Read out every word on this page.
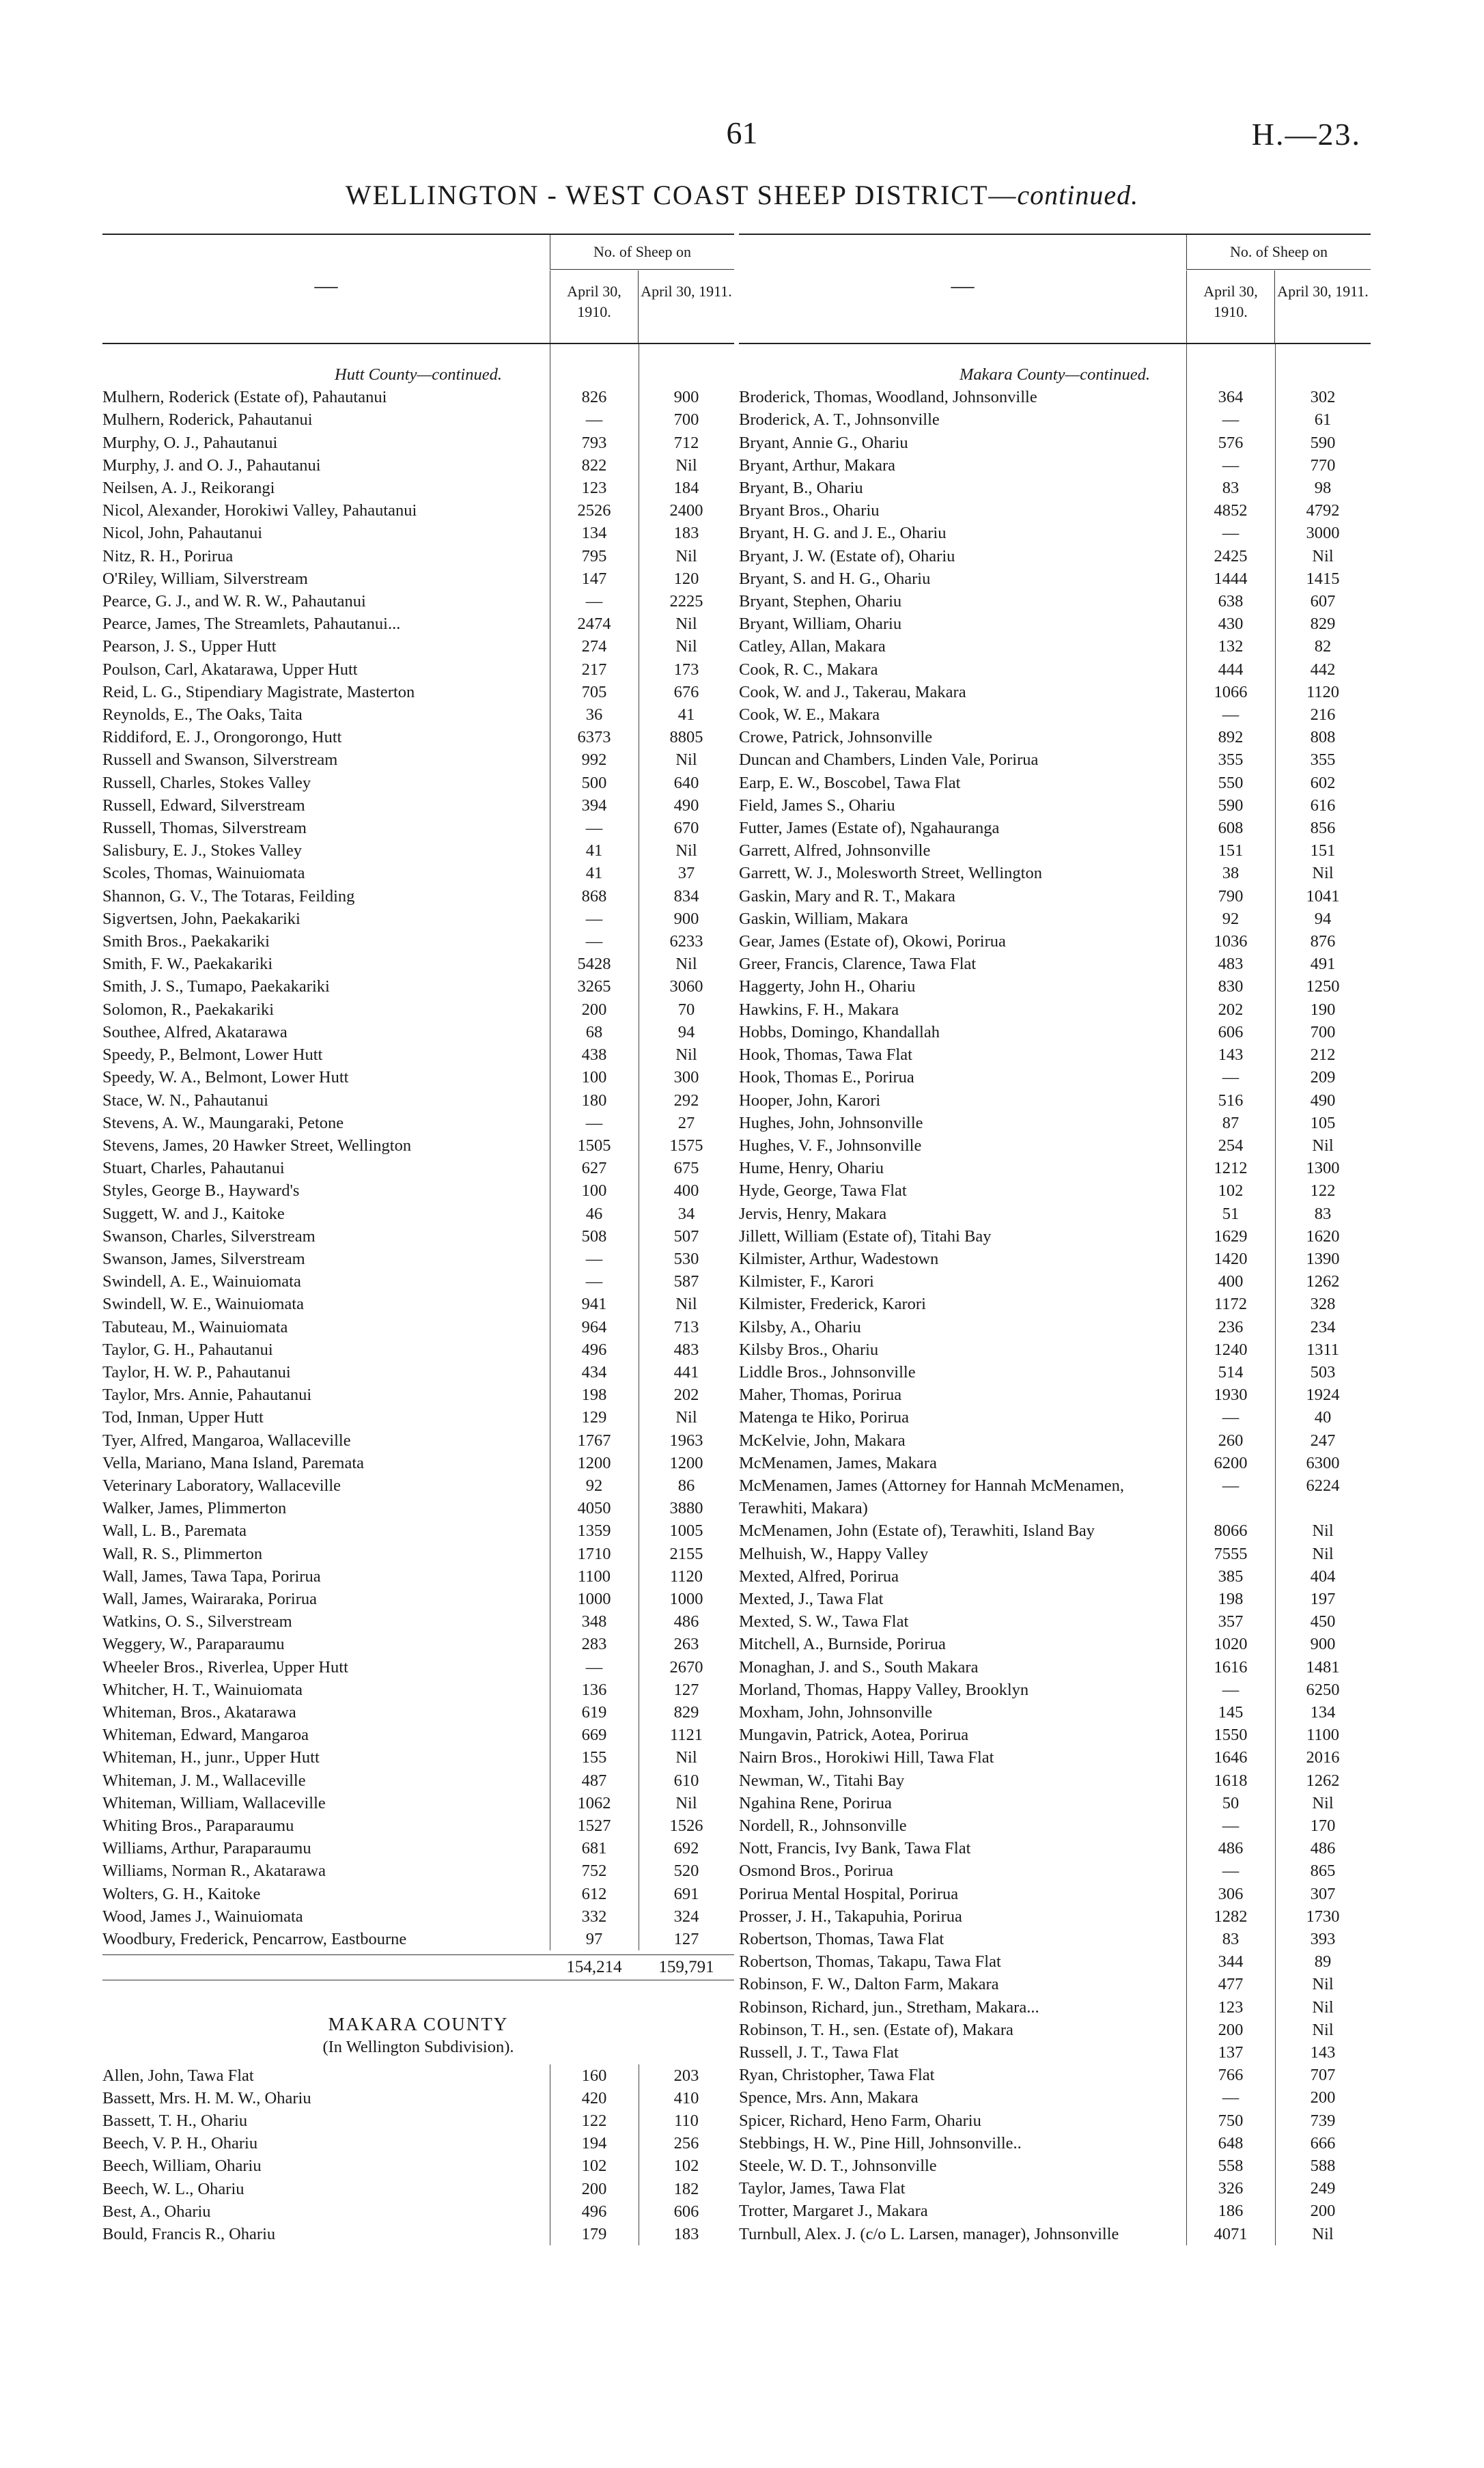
61	H.—23.
WELLINGTON - WEST COAST SHEEP DISTRICT—continued.
—
No. of Sheep on
April 30, 1910.
April 30, 1911.
Hutt County—continued.
Mulhern, Roderick (Estate of), Pahautanui	826	900
Mulhern, Roderick, Pahautanui	—	700
Murphy, O. J., Pahautanui	793	712
Murphy, J. and O. J., Pahautanui	822	Nil
Neilsen, A. J., Reikorangi	123	184
Nicol, Alexander, Horokiwi Valley, Pahautanui	2526	2400
Nicol, John, Pahautanui	134	183
Nitz, R. H., Porirua	795	Nil
O'Riley, William, Silverstream	147	120
Pearce, G. J., and W. R. W., Pahautanui	—	2225
Pearce, James, The Streamlets, Pahautanui...	2474	Nil
Pearson, J. S., Upper Hutt	274	Nil
Poulson, Carl, Akatarawa, Upper Hutt	217	173
Reid, L. G., Stipendiary Magistrate, Masterton	705	676
Reynolds, E., The Oaks, Taita	36	41
Riddiford, E. J., Orongorongo, Hutt	6373	8805
Russell and Swanson, Silverstream	992	Nil
Russell, Charles, Stokes Valley	500	640
Russell, Edward, Silverstream	394	490
Russell, Thomas, Silverstream	—	670
Salisbury, E. J., Stokes Valley	41	Nil
Scoles, Thomas, Wainuiomata	41	37
Shannon, G. V., The Totaras, Feilding	868	834
Sigvertsen, John, Paekakariki	—	900
Smith Bros., Paekakariki	—	6233
Smith, F. W., Paekakariki	5428	Nil
Smith, J. S., Tumapo, Paekakariki	3265	3060
Solomon, R., Paekakariki	200	70
Southee, Alfred, Akatarawa	68	94
Speedy, P., Belmont, Lower Hutt	438	Nil
Speedy, W. A., Belmont, Lower Hutt	100	300
Stace, W. N., Pahautanui	180	292
Stevens, A. W., Maungaraki, Petone	—	27
Stevens, James, 20 Hawker Street, Wellington	1505	1575
Stuart, Charles, Pahautanui	627	675
Styles, George B., Hayward's	100	400
Suggett, W. and J., Kaitoke	46	34
Swanson, Charles, Silverstream	508	507
Swanson, James, Silverstream	—	530
Swindell, A. E., Wainuiomata	—	587
Swindell, W. E., Wainuiomata	941	Nil
Tabuteau, M., Wainuiomata	964	713
Taylor, G. H., Pahautanui	496	483
Taylor, H. W. P., Pahautanui	434	441
Taylor, Mrs. Annie, Pahautanui	198	202
Tod, Inman, Upper Hutt	129	Nil
Tyer, Alfred, Mangaroa, Wallaceville	1767	1963
Vella, Mariano, Mana Island, Paremata	1200	1200
Veterinary Laboratory, Wallaceville	92	86
Walker, James, Plimmerton	4050	3880
Wall, L. B., Paremata	1359	1005
Wall, R. S., Plimmerton	1710	2155
Wall, James, Tawa Tapa, Porirua	1100	1120
Wall, James, Wairaraka, Porirua	1000	1000
Watkins, O. S., Silverstream	348	486
Weggery, W., Paraparaumu	283	263
Wheeler Bros., Riverlea, Upper Hutt	—	2670
Whitcher, H. T., Wainuiomata	136	127
Whiteman, Bros., Akatarawa	619	829
Whiteman, Edward, Mangaroa	669	1121
Whiteman, H., junr., Upper Hutt	155	Nil
Whiteman, J. M., Wallaceville	487	610
Whiteman, William, Wallaceville	1062	Nil
Whiting Bros., Paraparaumu	1527	1526
Williams, Arthur, Paraparaumu	681	692
Williams, Norman R., Akatarawa	752	520
Wolters, G. H., Kaitoke	612	691
Wood, James J., Wainuiomata	332	324
Woodbury, Frederick, Pencarrow, Eastbourne	97	127
154,214	159,791
MAKARA COUNTY
(In Wellington Subdivision).
Allen, John, Tawa Flat	160	203
Bassett, Mrs. H. M. W., Ohariu	420	410
Bassett, T. H., Ohariu	122	110
Beech, V. P. H., Ohariu	194	256
Beech, William, Ohariu	102	102
Beech, W. L., Ohariu	200	182
Best, A., Ohariu	496	606
Bould, Francis R., Ohariu	179	183
—
No. of Sheep on
April 30, 1910.
April 30, 1911.
Makara County—continued.
Broderick, Thomas, Woodland, Johnsonville	364	302
Broderick, A. T., Johnsonville	—	61
Bryant, Annie G., Ohariu	576	590
Bryant, Arthur, Makara	—	770
Bryant, B., Ohariu	83	98
Bryant Bros., Ohariu	4852	4792
Bryant, H. G. and J. E., Ohariu	—	3000
Bryant, J. W. (Estate of), Ohariu	2425	Nil
Bryant, S. and H. G., Ohariu	1444	1415
Bryant, Stephen, Ohariu	638	607
Bryant, William, Ohariu	430	829
Catley, Allan, Makara	132	82
Cook, R. C., Makara	444	442
Cook, W. and J., Takerau, Makara	1066	1120
Cook, W. E., Makara	—	216
Crowe, Patrick, Johnsonville	892	808
Duncan and Chambers, Linden Vale, Porirua	355	355
Earp, E. W., Boscobel, Tawa Flat	550	602
Field, James S., Ohariu	590	616
Futter, James (Estate of), Ngahauranga	608	856
Garrett, Alfred, Johnsonville	151	151
Garrett, W. J., Molesworth Street, Wellington	38	Nil
Gaskin, Mary and R. T., Makara	790	1041
Gaskin, William, Makara	92	94
Gear, James (Estate of), Okowi, Porirua	1036	876
Greer, Francis, Clarence, Tawa Flat	483	491
Haggerty, John H., Ohariu	830	1250
Hawkins, F. H., Makara	202	190
Hobbs, Domingo, Khandallah	606	700
Hook, Thomas, Tawa Flat	143	212
Hook, Thomas E., Porirua	—	209
Hooper, John, Karori	516	490
Hughes, John, Johnsonville	87	105
Hughes, V. F., Johnsonville	254	Nil
Hume, Henry, Ohariu	1212	1300
Hyde, George, Tawa Flat	102	122
Jervis, Henry, Makara	51	83
Jillett, William (Estate of), Titahi Bay	1629	1620
Kilmister, Arthur, Wadestown	1420	1390
Kilmister, F., Karori	400	1262
Kilmister, Frederick, Karori	1172	328
Kilsby, A., Ohariu	236	234
Kilsby Bros., Ohariu	1240	1311
Liddle Bros., Johnsonville	514	503
Maher, Thomas, Porirua	1930	1924
Matenga te Hiko, Porirua	—	40
McKelvie, John, Makara	260	247
McMenamen, James, Makara	6200	6300
McMenamen, James (Attorney for Hannah McMenamen, Terawhiti, Makara)
—	6224
McMenamen, John (Estate of), Terawhiti, Island Bay	8066	Nil
Melhuish, W., Happy Valley	7555	Nil
Mexted, Alfred, Porirua	385	404
Mexted, J., Tawa Flat	198	197
Mexted, S. W., Tawa Flat	357	450
Mitchell, A., Burnside, Porirua	1020	900
Monaghan, J. and S., South Makara	1616	1481
Morland, Thomas, Happy Valley, Brooklyn	—	6250
Moxham, John, Johnsonville	145	134
Mungavin, Patrick, Aotea, Porirua	1550	1100
Nairn Bros., Horokiwi Hill, Tawa Flat	1646	2016
Newman, W., Titahi Bay	1618	1262
Ngahina Rene, Porirua	50	Nil
Nordell, R., Johnsonville	—	170
Nott, Francis, Ivy Bank, Tawa Flat	486	486
Osmond Bros., Porirua	—	865
Porirua Mental Hospital, Porirua	306	307
Prosser, J. H., Takapuhia, Porirua	1282	1730
Robertson, Thomas, Tawa Flat	83	393
Robertson, Thomas, Takapu, Tawa Flat	344	89
Robinson, F. W., Dalton Farm, Makara	477	Nil
Robinson, Richard, jun., Stretham, Makara...	123	Nil
Robinson, T. H., sen. (Estate of), Makara	200	Nil
Russell, J. T., Tawa Flat	137	143
Ryan, Christopher, Tawa Flat	766	707
Spence, Mrs. Ann, Makara	—	200
Spicer, Richard, Heno Farm, Ohariu	750	739
Stebbings, H. W., Pine Hill, Johnsonville..	648	666
Steele, W. D. T., Johnsonville	558	588
Taylor, James, Tawa Flat	326	249
Trotter, Margaret J., Makara	186	200
Turnbull, Alex. J. (c/o L. Larsen, manager), Johnsonville	4071	Nil
